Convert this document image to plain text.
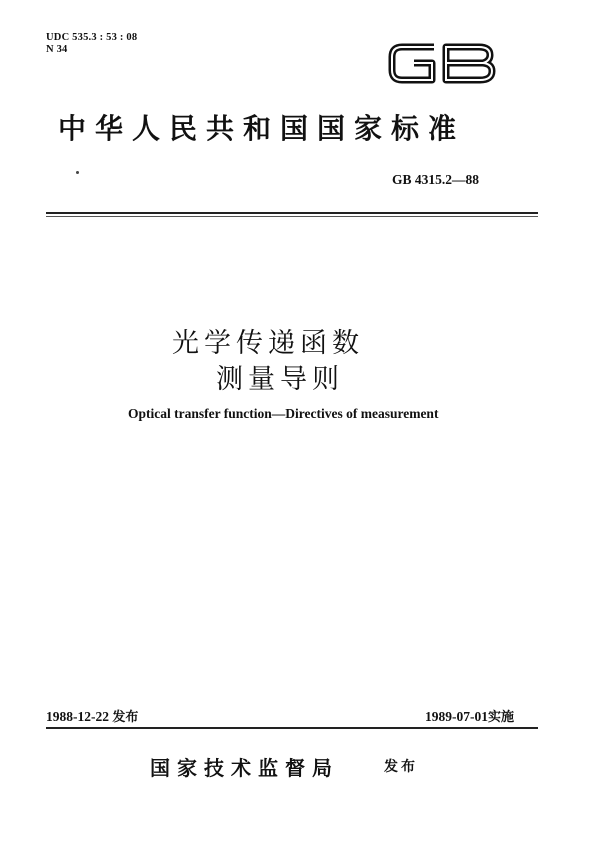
UDC 535.3 : 53 : 08
N 34
中华人民共和国国家标准
GB 4315.2—88
光学传递函数
测量导则
Optical transfer function—Directives of measurement
1988-12-22 发布	1989-07-01实施
国家技术监督局	发布
